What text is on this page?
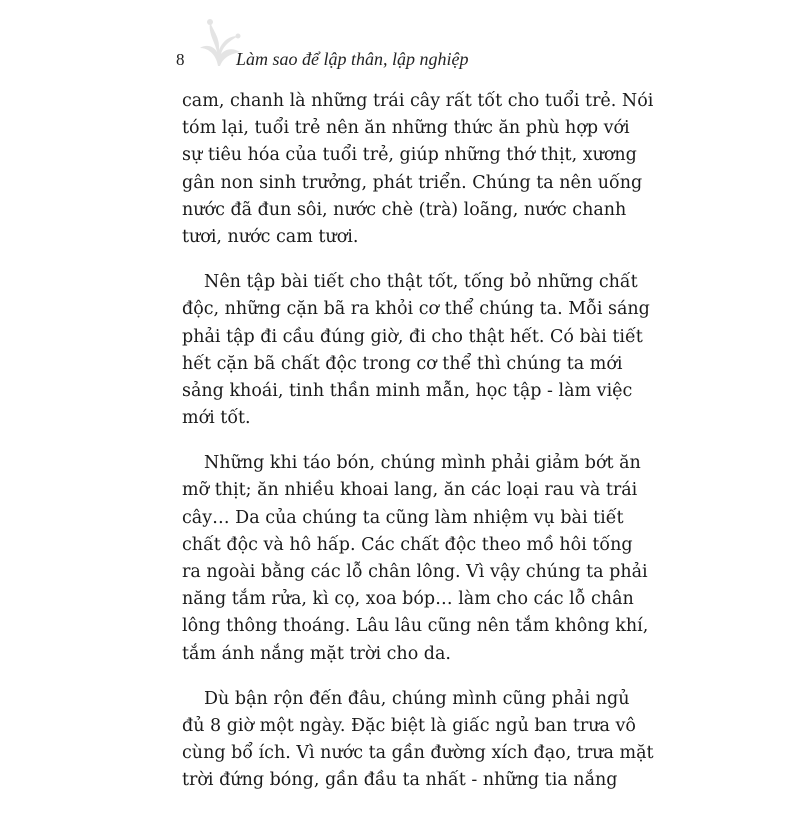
8	Làm sao để lập thân, lập nghiệp
cam, chanh là những trái cây rất tốt cho tuổi trẻ. Nói
tóm lại, tuổi trẻ nên ăn những thức ăn phù hợp với
sự tiêu hóa của tuổi trẻ, giúp những thớ thịt, xương
gân non sinh trưởng, phát triển. Chúng ta nên uống
nước đã đun sôi, nước chè (trà) loãng, nước chanh
tươi, nước cam tươi.
Nên tập bài tiết cho thật tốt, tống bỏ những chất
độc, những cặn bã ra khỏi cơ thể chúng ta. Mỗi sáng
phải tập đi cầu đúng giờ, đi cho thật hết. Có bài tiết
hết cặn bã chất độc trong cơ thể thì chúng ta mới
sảng khoái, tinh thần minh mẫn, học tập - làm việc
mới tốt.
Những khi táo bón, chúng mình phải giảm bớt ăn
mỡ thịt; ăn nhiều khoai lang, ăn các loại rau và trái
cây… Da của chúng ta cũng làm nhiệm vụ bài tiết
chất độc và hô hấp. Các chất độc theo mồ hôi tống
ra ngoài bằng các lỗ chân lông. Vì vậy chúng ta phải
năng tắm rửa, kì cọ, xoa bóp… làm cho các lỗ chân
lông thông thoáng. Lâu lâu cũng nên tắm không khí,
tắm ánh nắng mặt trời cho da.
Dù bận rộn đến đâu, chúng mình cũng phải ngủ
đủ 8 giờ một ngày. Đặc biệt là giấc ngủ ban trưa vô
cùng bổ ích. Vì nước ta gần đường xích đạo, trưa mặt
trời đứng bóng, gần đầu ta nhất - những tia nắng
